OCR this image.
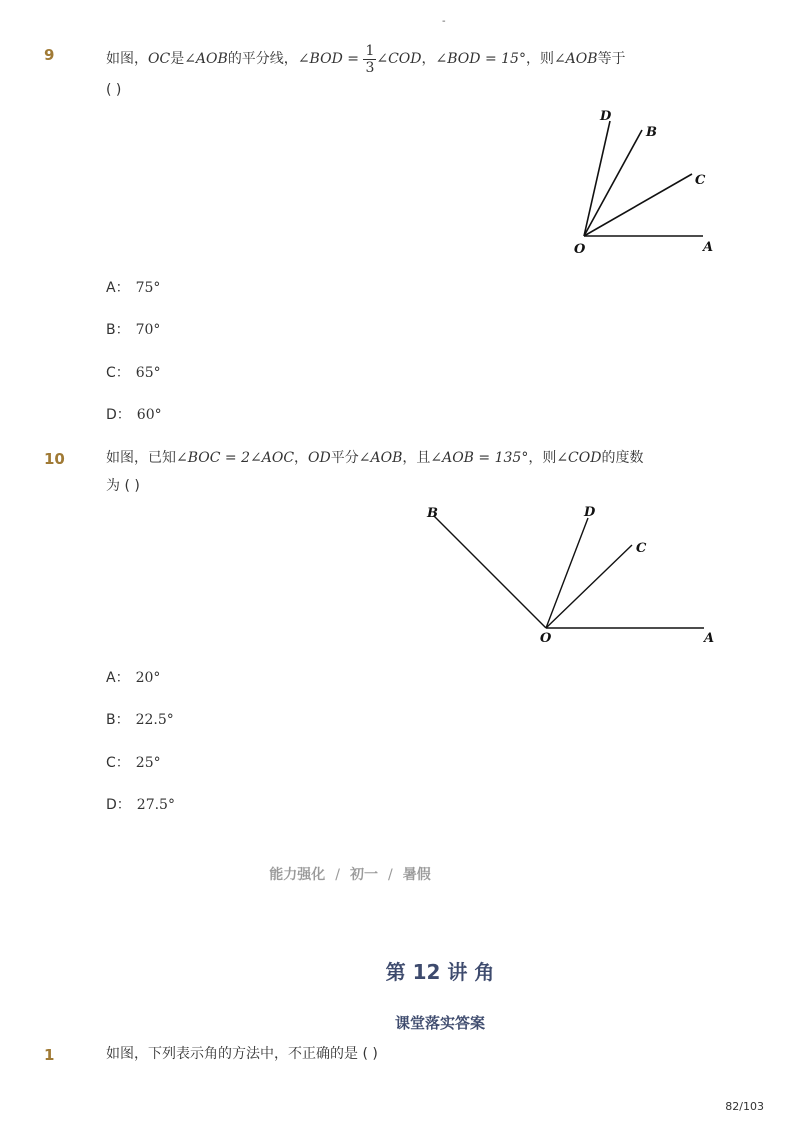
-
9	如图，OC是∠AOB的平分线，∠BOD = $\frac{1}{3}$ ∠COD，∠BOD = 15°，则∠AOB等于
( )
O	A
C
B
D
A： 75°
B： 70°
C： 65°
D： 60°
10	如图，已知∠BOC = 2∠AOC，OD平分∠AOB，且∠AOB = 135°，则∠COD的度数
为 ( )
O	A
C
D
B
A： 20°
B： 22.5°
C： 25°
D： 27.5°
能力强化 / 初一 / 暑假
第 12 讲 角
课堂落实答案
1	如图，下列表示角的方法中，不正确的是 ( )
82/103
